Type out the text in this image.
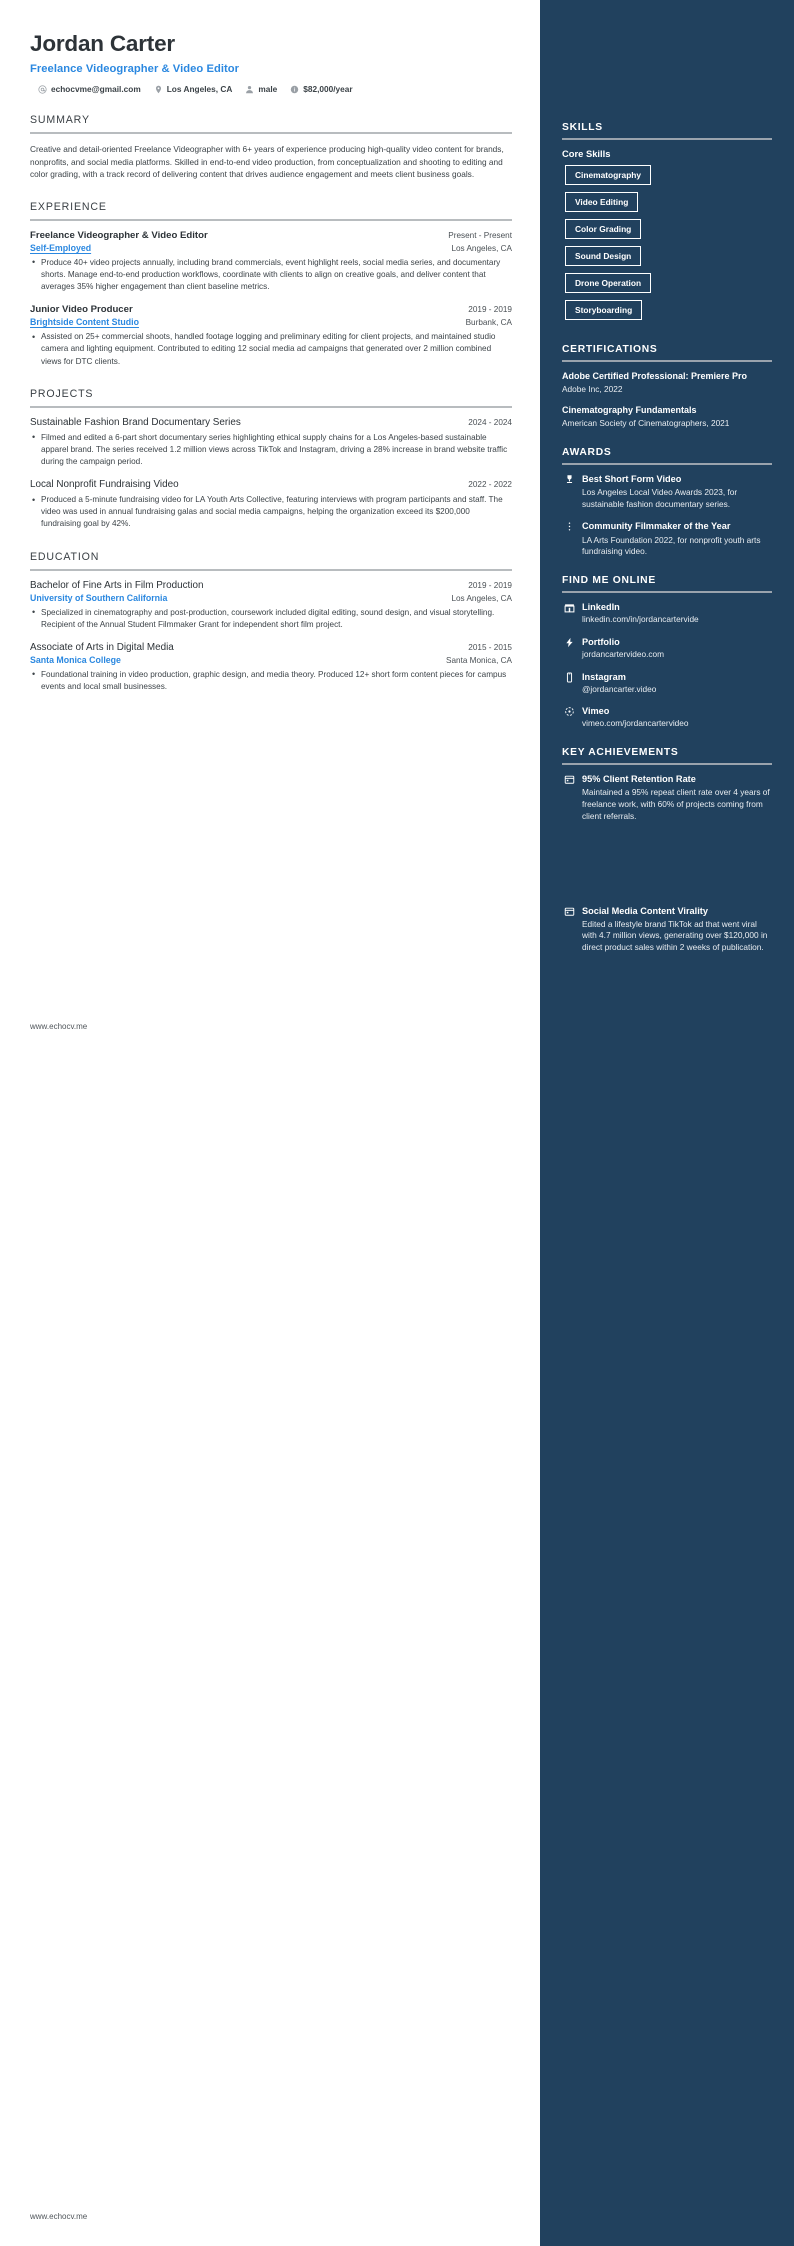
Jordan Carter
Freelance Videographer & Video Editor
echocvme@gmail.com	Los Angeles, CA	male i $82,000/year
SUMMARY
Creative and detail-oriented Freelance Videographer with 6+ years of experience producing high-quality video content for brands, nonprofits, and social media platforms. Skilled in end-to-end video production, from conceptualization and shooting to editing and color grading, with a track record of delivering content that drives audience engagement and meets client business goals.
EXPERIENCE
Freelance Videographer & Video Editor	Present - Present
Self-Employed	Los Angeles, CA
• Produce 40+ video projects annually, including brand commercials, event highlight reels, social media series, and documentary shorts. Manage end-to-end production workflows, coordinate with clients to align on creative goals, and deliver content that averages 35% higher engagement than client baseline metrics.
Junior Video Producer	2019 - 2019
Brightside Content Studio	Burbank, CA
• Assisted on 25+ commercial shoots, handled footage logging and preliminary editing for client projects, and maintained studio camera and lighting equipment. Contributed to editing 12 social media ad campaigns that generated over 2 million combined views for DTC clients.
PROJECTS
Sustainable Fashion Brand Documentary Series	2024 - 2024
• Filmed and edited a 6-part short documentary series highlighting ethical supply chains for a Los Angeles-based sustainable apparel brand. The series received 1.2 million views across TikTok and Instagram, driving a 28% increase in brand website traffic during the campaign period.
Local Nonprofit Fundraising Video	2022 - 2022
• Produced a 5-minute fundraising video for LA Youth Arts Collective, featuring interviews with program participants and staff. The video was used in annual fundraising galas and social media campaigns, helping the organization exceed its $200,000 fundraising goal by 42%.
EDUCATION
Bachelor of Fine Arts in Film Production	2019 - 2019
University of Southern California	Los Angeles, CA
• Specialized in cinematography and post-production, coursework included digital editing, sound design, and visual storytelling. Recipient of the Annual Student Filmmaker Grant for independent short film project.
Associate of Arts in Digital Media	2015 - 2015
Santa Monica College	Santa Monica, CA
• Foundational training in video production, graphic design, and media theory. Produced 12+ short form content pieces for campus events and local small businesses.
www.echocv.me
www.echocv.me
SKILLS
Core Skills
Cinematography
Video Editing
Color Grading
Sound Design
Drone Operation
Storyboarding
CERTIFICATIONS
Adobe Certified Professional: Premiere Pro
Adobe Inc, 2022
Cinematography Fundamentals
American Society of Cinematographers, 2021
AWARDS
Best Short Form Video
Los Angeles Local Video Awards 2023, for sustainable fashion documentary series.
Community Filmmaker of the Year
LA Arts Foundation 2022, for nonprofit youth arts fundraising video.
FIND ME ONLINE
LinkedIn
linkedin.com/in/jordancartervide
Portfolio
jordancartervideo.com
Instagram
@jordancarter.video
Vimeo
vimeo.com/jordancartervideo
KEY ACHIEVEMENTS
95% Client Retention Rate
Maintained a 95% repeat client rate over 4 years of freelance work, with 60% of projects coming from client referrals.
Social Media Content Virality
Edited a lifestyle brand TikTok ad that went viral with 4.7 million views, generating over $120,000 in direct product sales within 2 weeks of publication.
